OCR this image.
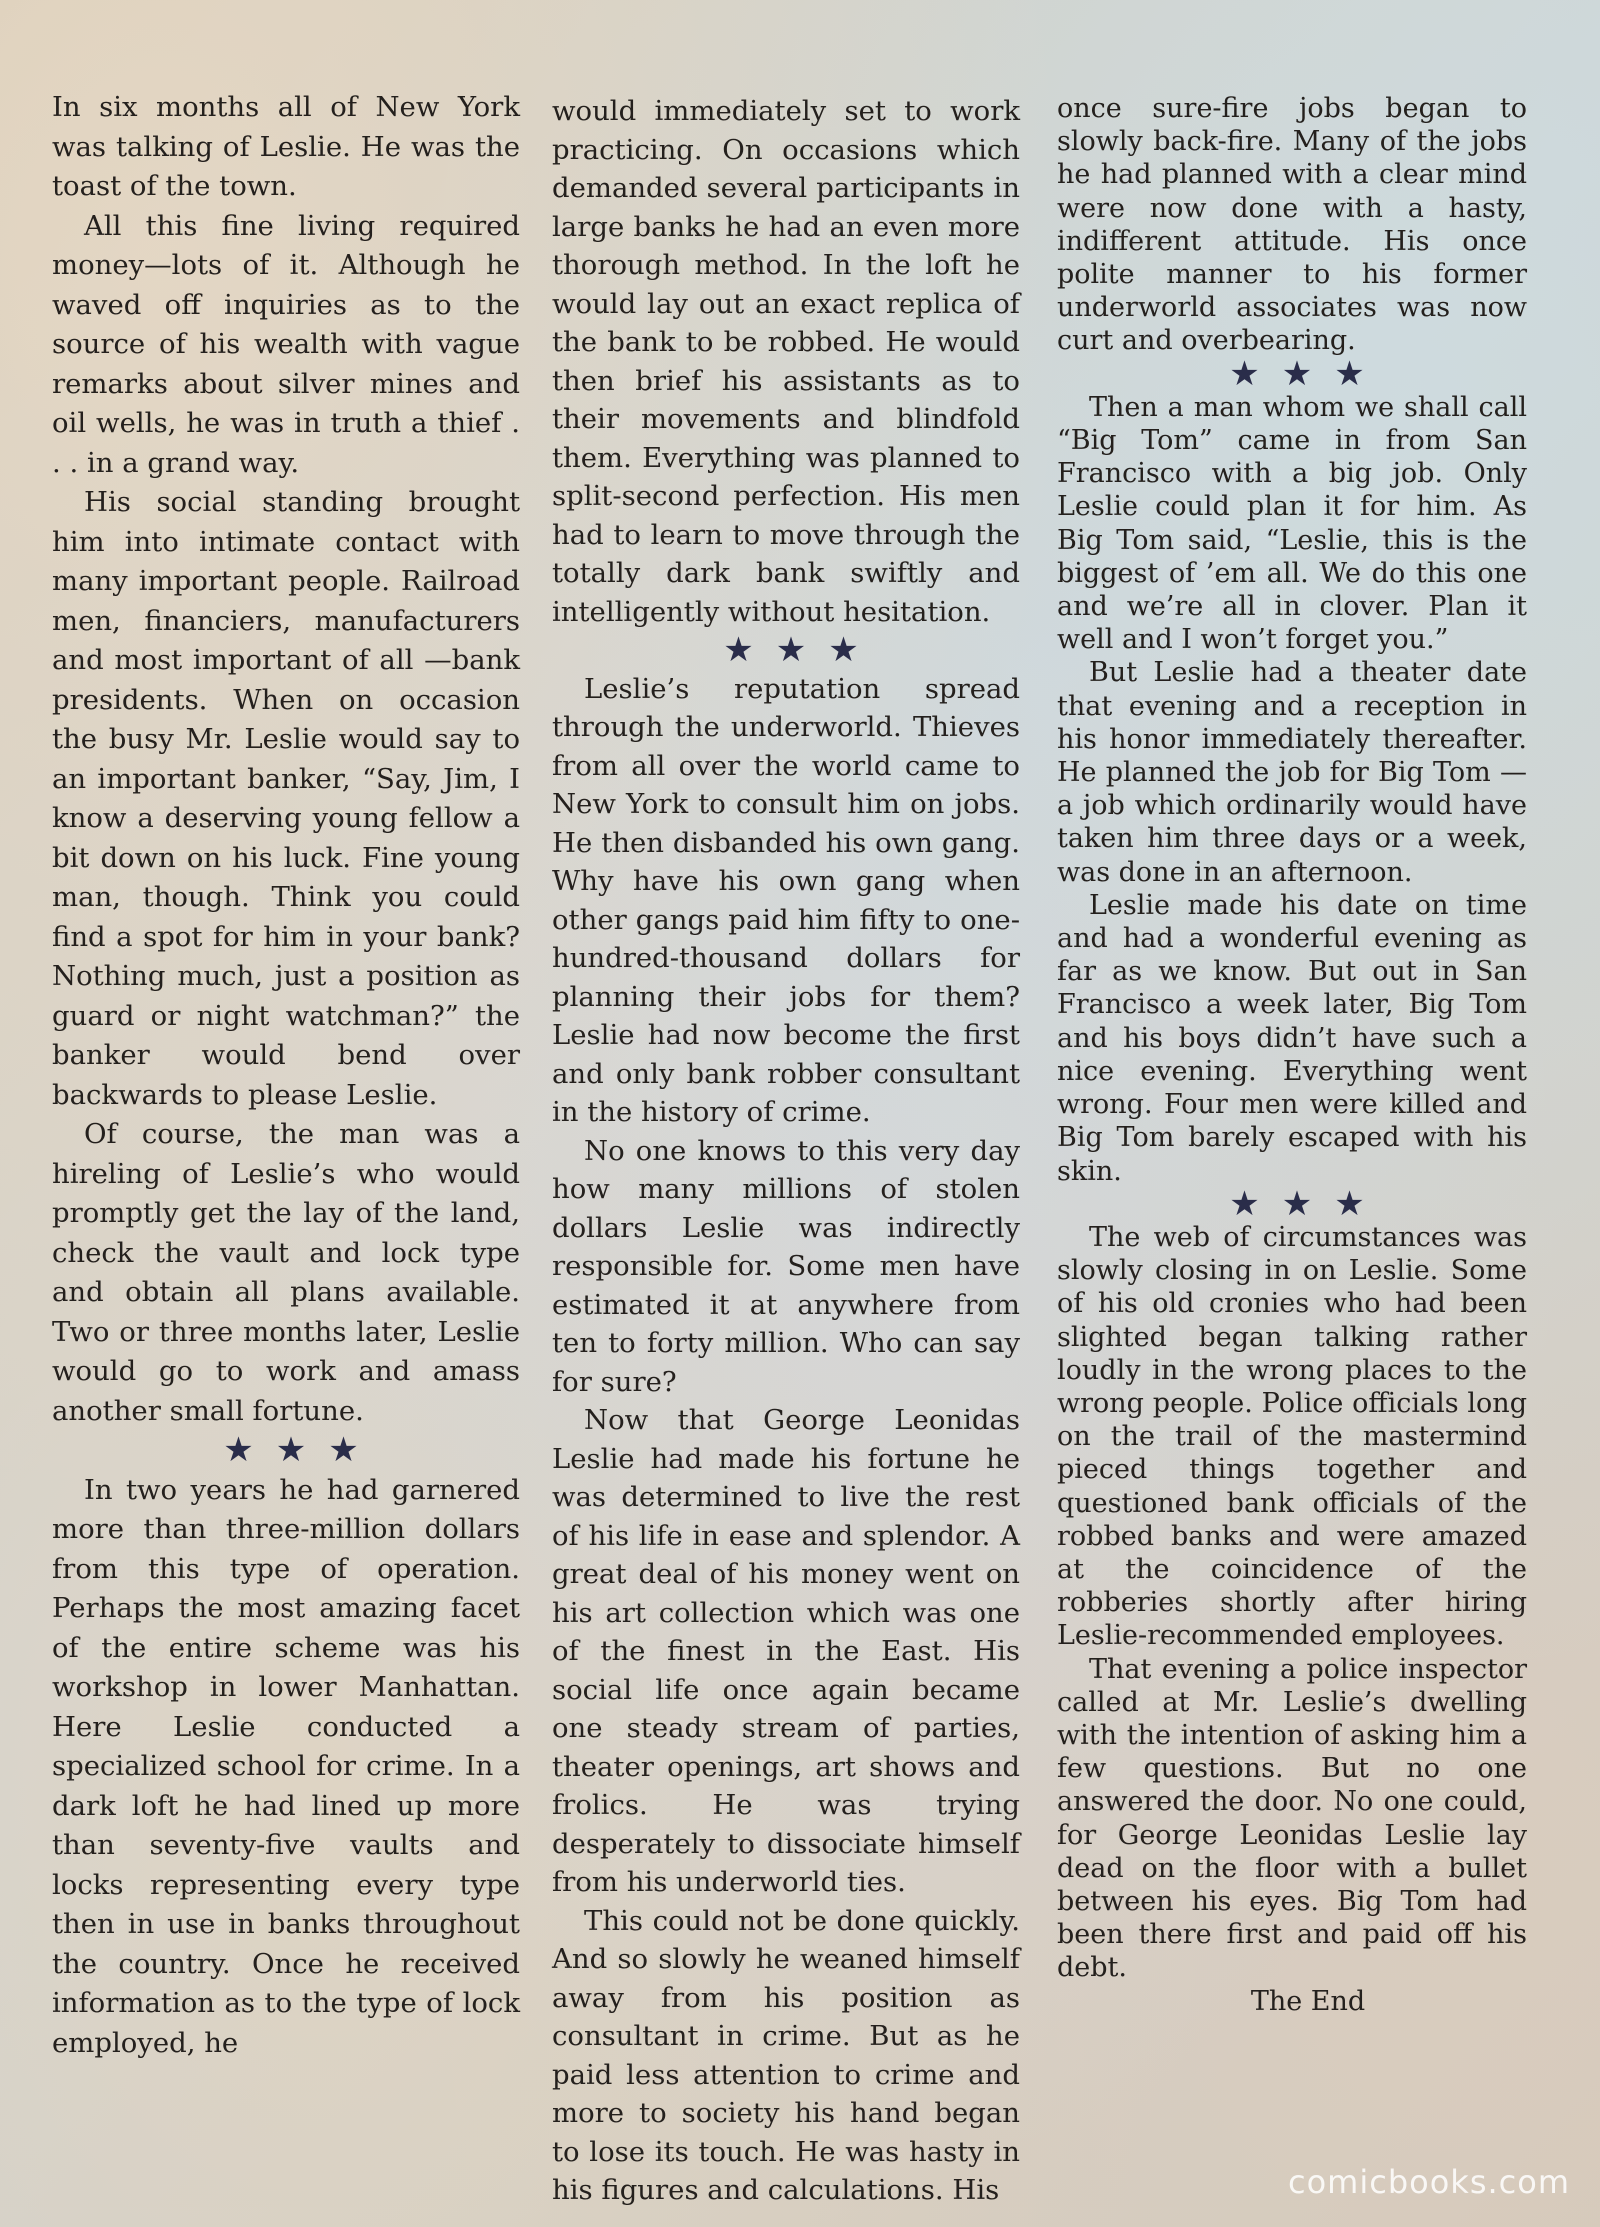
In six months all of New York was talking of Leslie. He was the toast of the town.

All this fine living required money—lots of it. Although he waved off inquiries as to the source of his wealth with vague remarks about silver mines and oil wells, he was in truth a thief . . . in a grand way.

His social standing brought him into intimate contact with many important people. Railroad men, financiers, manufacturers and most important of all —bank presidents. When on occasion the busy Mr. Leslie would say to an important banker, “Say, Jim, I know a deserving young fellow a bit down on his luck. Fine young man, though. Think you could find a spot for him in your bank? Nothing much, just a position as guard or night watchman?” the banker would bend over backwards to please Leslie.

Of course, the man was a hireling of Leslie’s who would promptly get the lay of the land, check the vault and lock type and obtain all plans available. Two or three months later, Leslie would go to work and amass another small fortune.

★★★

In two years he had garnered more than three-million dollars from this type of operation. Perhaps the most amazing facet of the entire scheme was his workshop in lower Manhattan. Here Leslie conducted a specialized school for crime. In a dark loft he had lined up more than seventy-five vaults and locks representing every type then in use in banks throughout the country. Once he received information as to the type of lock employed, he

would immediately set to work practicing. On occasions which demanded several participants in large banks he had an even more thorough method. In the loft he would lay out an exact replica of the bank to be robbed. He would then brief his assistants as to their movements and blindfold them. Everything was planned to split-second perfection. His men had to learn to move through the totally dark bank swiftly and intelligently without hesitation.

★★★

Leslie’s reputation spread through the underworld. Thieves from all over the world came to New York to consult him on jobs. He then disbanded his own gang. Why have his own gang when other gangs paid him fifty to one-hundred-thousand dollars for planning their jobs for them? Leslie had now become the first and only bank robber consultant in the history of crime.

No one knows to this very day how many millions of stolen dollars Leslie was indirectly responsible for. Some men have estimated it at anywhere from ten to forty million. Who can say for sure?

Now that George Leonidas Leslie had made his fortune he was determined to live the rest of his life in ease and splendor. A great deal of his money went on his art collection which was one of the finest in the East. His social life once again became one steady stream of parties, theater openings, art shows and frolics. He was trying desperately to dissociate himself from his underworld ties.

This could not be done quickly. And so slowly he weaned himself away from his position as consultant in crime. But as he paid less attention to crime and more to society his hand began to lose its touch. He was hasty in his figures and calculations. His

once sure-fire jobs began to slowly back-fire. Many of the jobs he had planned with a clear mind were now done with a hasty, indifferent attitude. His once polite manner to his former underworld associates was now curt and overbearing.

★★★

Then a man whom we shall call “Big Tom” came in from San Francisco with a big job. Only Leslie could plan it for him. As Big Tom said, “Leslie, this is the biggest of ’em all. We do this one and we’re all in clover. Plan it well and I won’t forget you.”

But Leslie had a theater date that evening and a reception in his honor immediately thereafter. He planned the job for Big Tom — a job which ordinarily would have taken him three days or a week, was done in an afternoon.

Leslie made his date on time and had a wonderful evening as far as we know. But out in San Francisco a week later, Big Tom and his boys didn’t have such a nice evening. Everything went wrong. Four men were killed and Big Tom barely escaped with his skin.

★★★

The web of circumstances was slowly closing in on Leslie. Some of his old cronies who had been slighted began talking rather loudly in the wrong places to the wrong people. Police officials long on the trail of the mastermind pieced things together and questioned bank officials of the robbed banks and were amazed at the coincidence of the robberies shortly after hiring Leslie-recommended employees.

That evening a police inspector called at Mr. Leslie’s dwelling with the intention of asking him a few questions. But no one answered the door. No one could, for George Leonidas Leslie lay dead on the floor with a bullet between his eyes. Big Tom had been there first and paid off his debt.

The End

comicbooks.com
